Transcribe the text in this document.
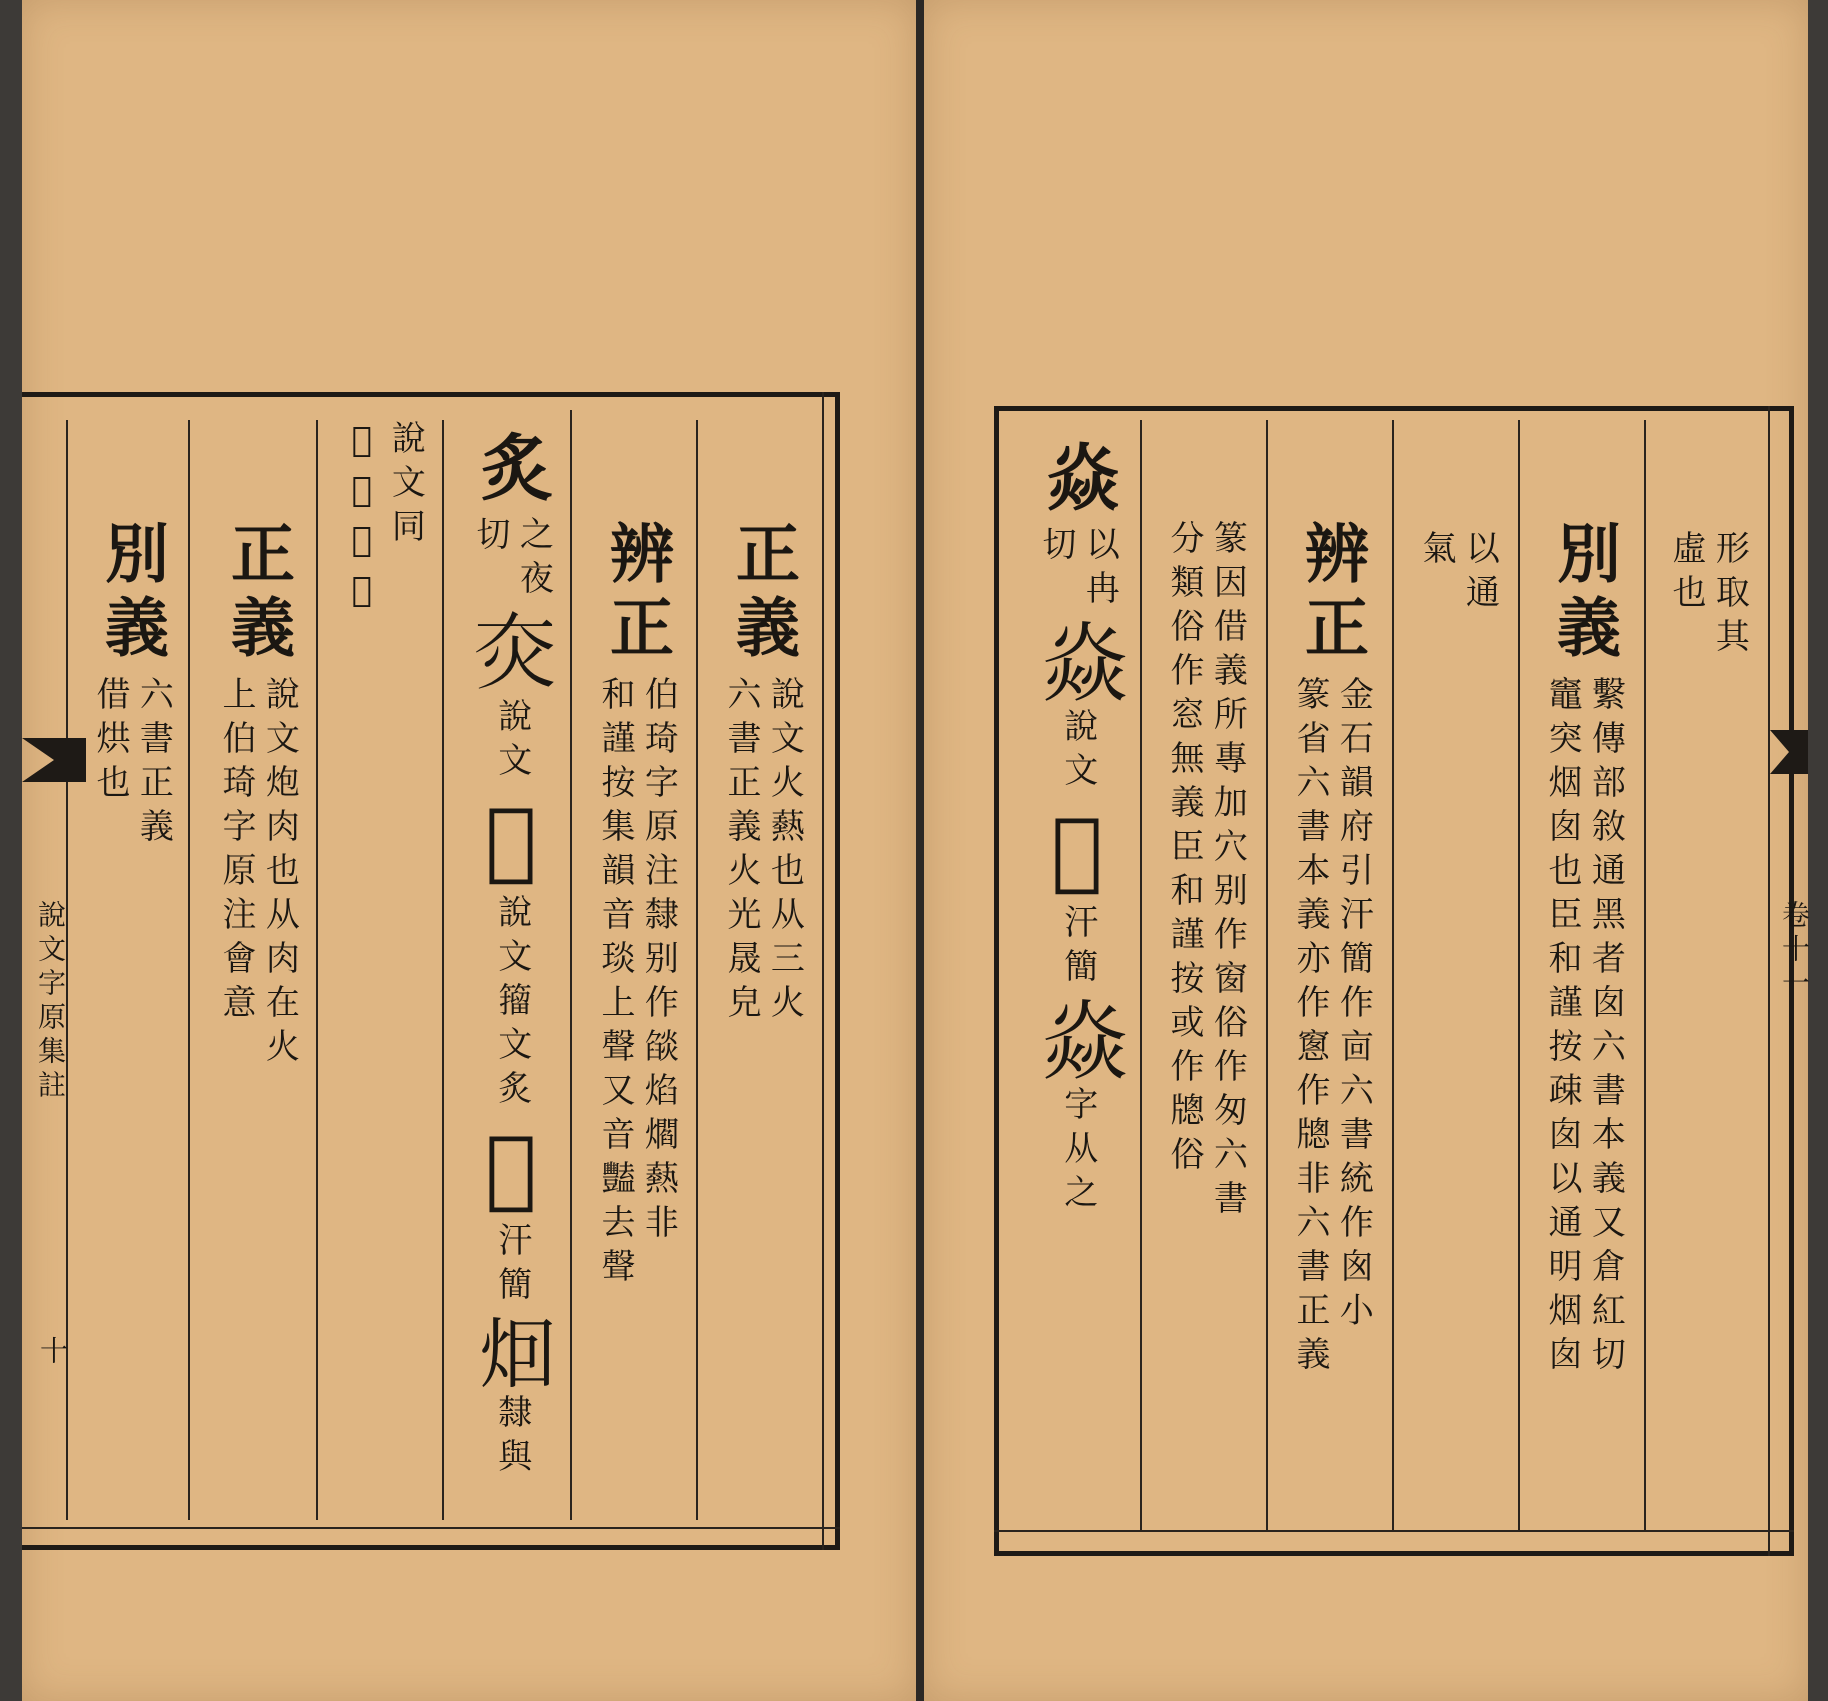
說文字原集註
十
正義
說文火爇也从三火
六書正義火光晟皃
辨正
伯琦字原注隸别作燄焰爓爇非
和謹按集韻音琰上聲又音豔去聲
炙
之夜
切
𤆍
說文
𤉛
說文籀文炙
𤇅
汗簡
𤇆
隸與
說文同
𤐤字从之
正義
說文炮肉也从肉在火
上伯琦字原注會意
別義
六書正義
借烘也
卷十一
形取其
虛也
別義
繫傳部敘通黑者囱六書本義又倉紅切
竈突烟囱也臣和謹按疎囱以通明烟囱
以通
氣
辨正
金石韻府引汗簡作㐭六書統作囪小
篆省六書本義亦作窻作牕非六書正義
篆因借義所專加穴别作窗俗作匆六書
分類俗作窓無義臣和謹按或作牕俗
焱
以冉
切
焱
說文
𤈚
汗簡
焱
字从之
